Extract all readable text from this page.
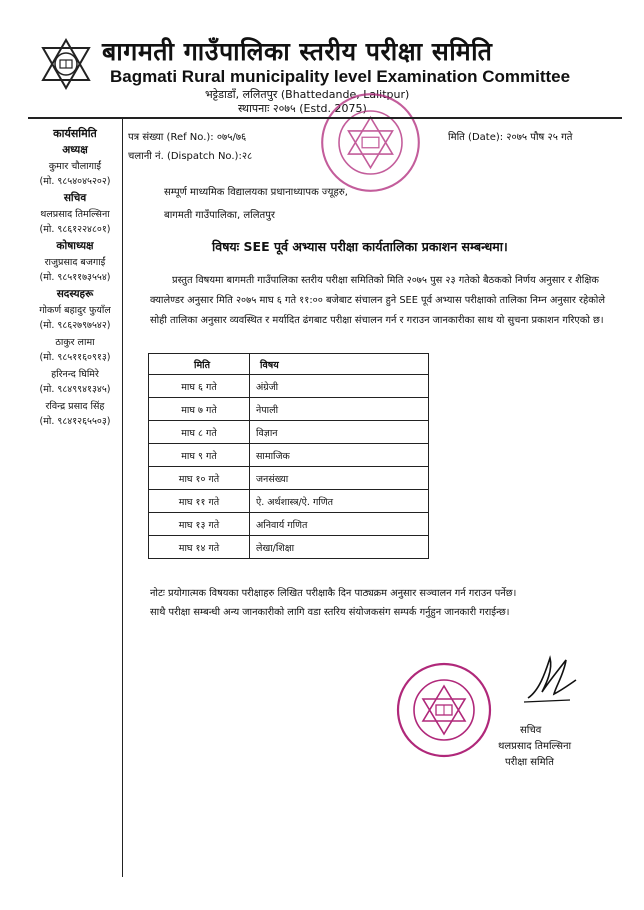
बागमती गाउँपालिका स्तरीय परीक्षा समिति
Bagmati Rural municipality level Examination Committee
भट्टेडाडाँ, ललितपुर (Bhattedande, Lalitpur)
स्थापनाः २०७५ (Estd. 2075)
कार्यसमिति
अध्यक्ष
कुमार चौलागाईं
(मो. ९८५४०४५२०२)
सचिव
थलप्रसाद तिमल्सिना
(मो. ९८६१२२४८०१)
कोषाध्यक्ष
राजुप्रसाद बजगाईं
(मो. ९८५११७३५५४)
सदस्यहरू
गोकर्ण बहादुर फुयाँल
(मो. ९८६२७९७५४२)
ठाकुर लामा
(मो. ९८५११६०९१३)
हरिनन्द घिमिरे
(मो. ९८४९९४१३४५)
रविन्द्र प्रसाद सिंह
(मो. ९८४१२६५५०३)
पत्र संख्या (Ref No.): ०७५/७६
चलानी नं. (Dispatch No.):२८
मिति (Date): २०७५ पौष २५ गते
सम्पूर्ण माध्यमिक विद्यालयका प्रधानाध्यापक ज्यूहरु,
बागमती गाउँपालिका, ललितपुर
विषयः SEE पूर्व अभ्यास परीक्षा कार्यतालिका प्रकाशन सम्बन्धमा।
प्रस्तुत विषयमा बागमती गाउँपालिका स्तरीय परीक्षा समितिको मिति २०७५ पुस २३ गतेको बैठकको निर्णय अनुसार र शैक्षिक क्यालेण्डर अनुसार मिति २०७५ माघ ६ गते ११:०० बजेबाट संचालन हुने SEE पूर्व अभ्यास परीक्षाको तालिका निम्न अनुसार रहेकोले सोही तालिका अनुसार व्यवस्थित र मर्यादित ढंगबाट परीक्षा संचालन गर्न र गराउन जानकारीका साथ यो सुचना प्रकाशन गरिएको छ।
मिति	विषय
माघ ६ गते	अंग्रेजी
माघ ७ गते	नेपाली
माघ ८ गते	विज्ञान
माघ ९ गते	सामाजिक
माघ १० गते	जनसंख्या
माघ ११ गते	ऐ. अर्थशास्त्र/ऐ. गणित
माघ १३ गते	अनिवार्य गणित
माघ १४ गते	लेखा/शिक्षा
नोटः प्रयोगात्मक विषयका परीक्षाहरु लिखित परीक्षाकै दिन पाठ्यक्रम अनुसार सञ्चालन गर्न गराउन पर्नेछ।
साथै परीक्षा सम्बन्धी अन्य जानकारीको लागि वडा स्तरिय संयोजकसंग सम्पर्क गर्नुहुन जानकारी गराईन्छ।
सचिव
थलप्रसाद तिमल्सिना
परीक्षा समिति
